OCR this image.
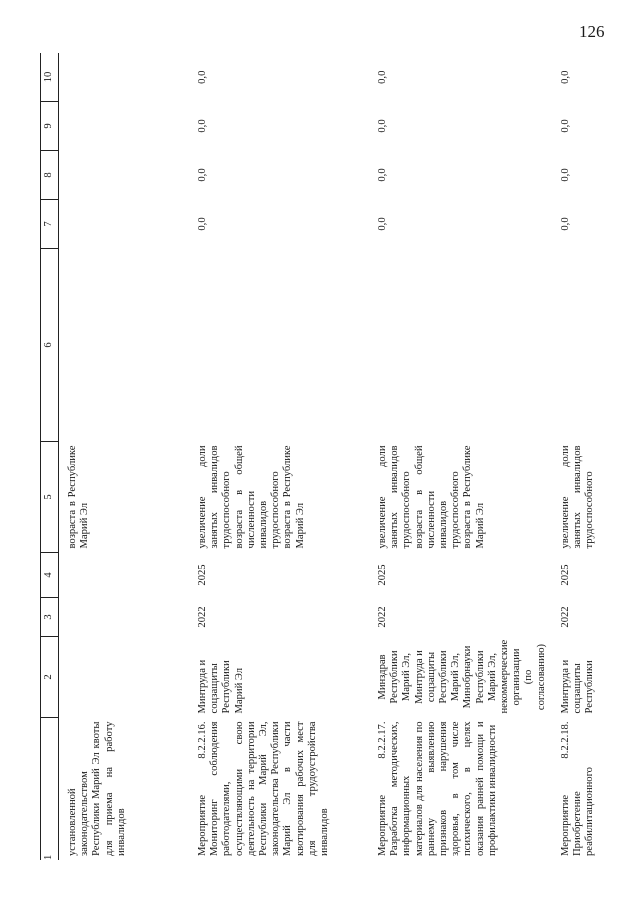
126
1	2	3	4	5	6	7	8	9	10
установленной законодательством Республики Марий Эл квоты для приема на работу инвалидов				возраста в Республике Марий Эл					
Мероприятие 8.2.2.16. Мониторинг соблюдения работодателями, осуществляющими свою деятельность на территории Республики Марий Эл, законодательства Республики Марий Эл в части квотирования рабочих мест для трудоустройства инвалидов	Минтруда и соцзащиты Республики Марий Эл	2022	2025	увеличение доли занятых инвалидов трудоспособного возраста в общей численности инвалидов трудоспособного возраста в Республике Марий Эл		0,0	0,0	0,0	0,0
Мероприятие 8.2.2.17. Разработка методических, информационных материалов для населения по раннему выявлению признаков нарушения здоровья, в том числе психического, в целях оказания ранней помощи и профилактики инвалидности	Минздрав Республики Марий Эл, Минтруда и соцзащиты Республики Марий Эл, Минобрнауки Республики Марий Эл, некоммерческие организации (по согласованию)	2022	2025	увеличение доли занятых инвалидов трудоспособного возраста в общей численности инвалидов трудоспособного возраста в Республике Марий Эл		0,0	0,0	0,0	0,0
Мероприятие 8.2.2.18. Приобретение реабилитационного	Минтруда и соцзащиты Республики	2022	2025	увеличение доли занятых инвалидов трудоспособного		0,0	0,0	0,0	0,0
